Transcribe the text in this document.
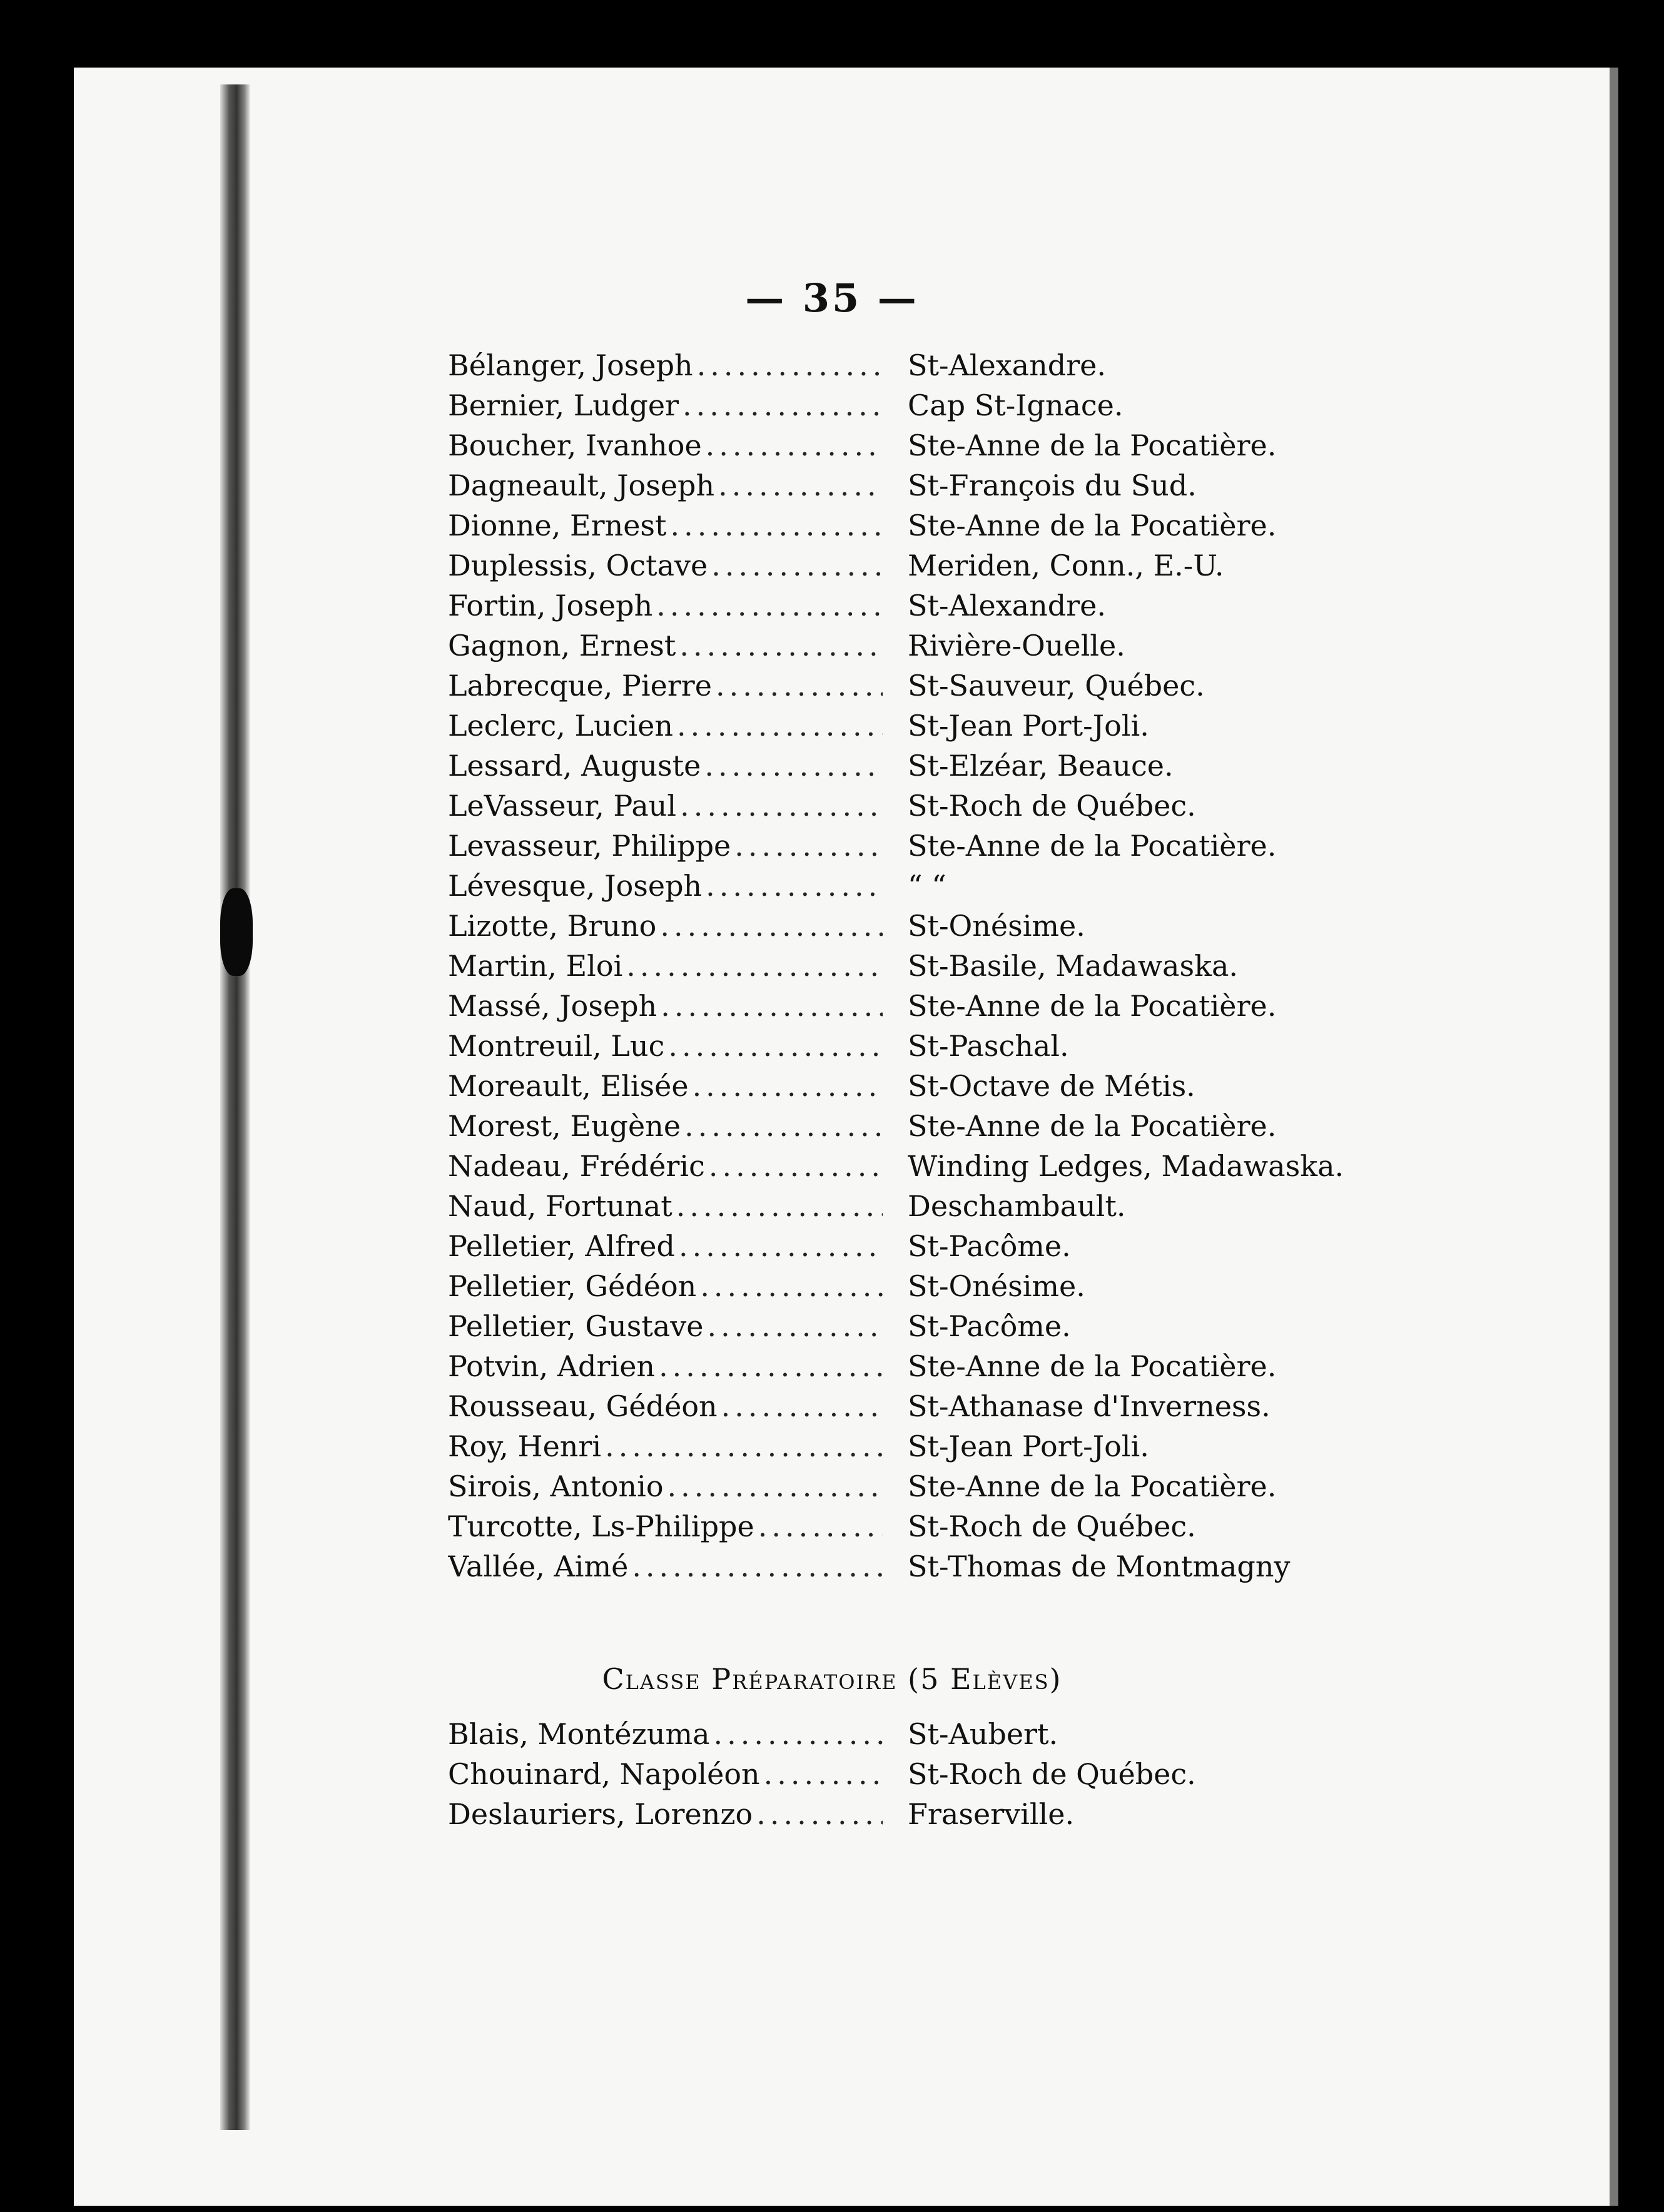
— 35 —
Bélanger, Joseph .....	St-Alexandre.
Bernier, Ludger .....	Cap St-Ignace.
Boucher, Ivanhoe .....	Ste-Anne de la Pocatière.
Dagneault, Joseph .....	St-François du Sud.
Dionne, Ernest .....	Ste-Anne de la Pocatière.
Duplessis, Octave .....	Meriden, Conn., E.-U.
Fortin, Joseph .....	St-Alexandre.
Gagnon, Ernest .....	Rivière-Ouelle.
Labrecque, Pierre .....	St-Sauveur, Québec.
Leclerc, Lucien .....	St-Jean Port-Joli.
Lessard, Auguste .....	St-Elzéar, Beauce.
LeVasseur, Paul .....	St-Roch de Québec.
Levasseur, Philippe .....	Ste-Anne de la Pocatière.
Lévesque, Joseph .....	“ “
Lizotte, Bruno .....	St-Onésime.
Martin, Eloi .....	St-Basile, Madawaska.
Massé, Joseph .....	Ste-Anne de la Pocatière.
Montreuil, Luc .....	St-Paschal.
Moreault, Elisée .....	St-Octave de Métis.
Morest, Eugène .....	Ste-Anne de la Pocatière.
Nadeau, Frédéric .....	Winding Ledges, Madawaska.
Naud, Fortunat .....	Deschambault.
Pelletier, Alfred .....	St-Pacôme.
Pelletier, Gédéon .....	St-Onésime.
Pelletier, Gustave .....	St-Pacôme.
Potvin, Adrien .....	Ste-Anne de la Pocatière.
Rousseau, Gédéon .....	St-Athanase d'Inverness.
Roy, Henri .....	St-Jean Port-Joli.
Sirois, Antonio .....	Ste-Anne de la Pocatière.
Turcotte, Ls-Philippe .....	St-Roch de Québec.
Vallée, Aimé .....	St-Thomas de Montmagny
Classe Préparatoire (5 Elèves)
Blais, Montézuma .....	St-Aubert.
Chouinard, Napoléon .....	St-Roch de Québec.
Deslauriers, Lorenzo .....	Fraserville.
